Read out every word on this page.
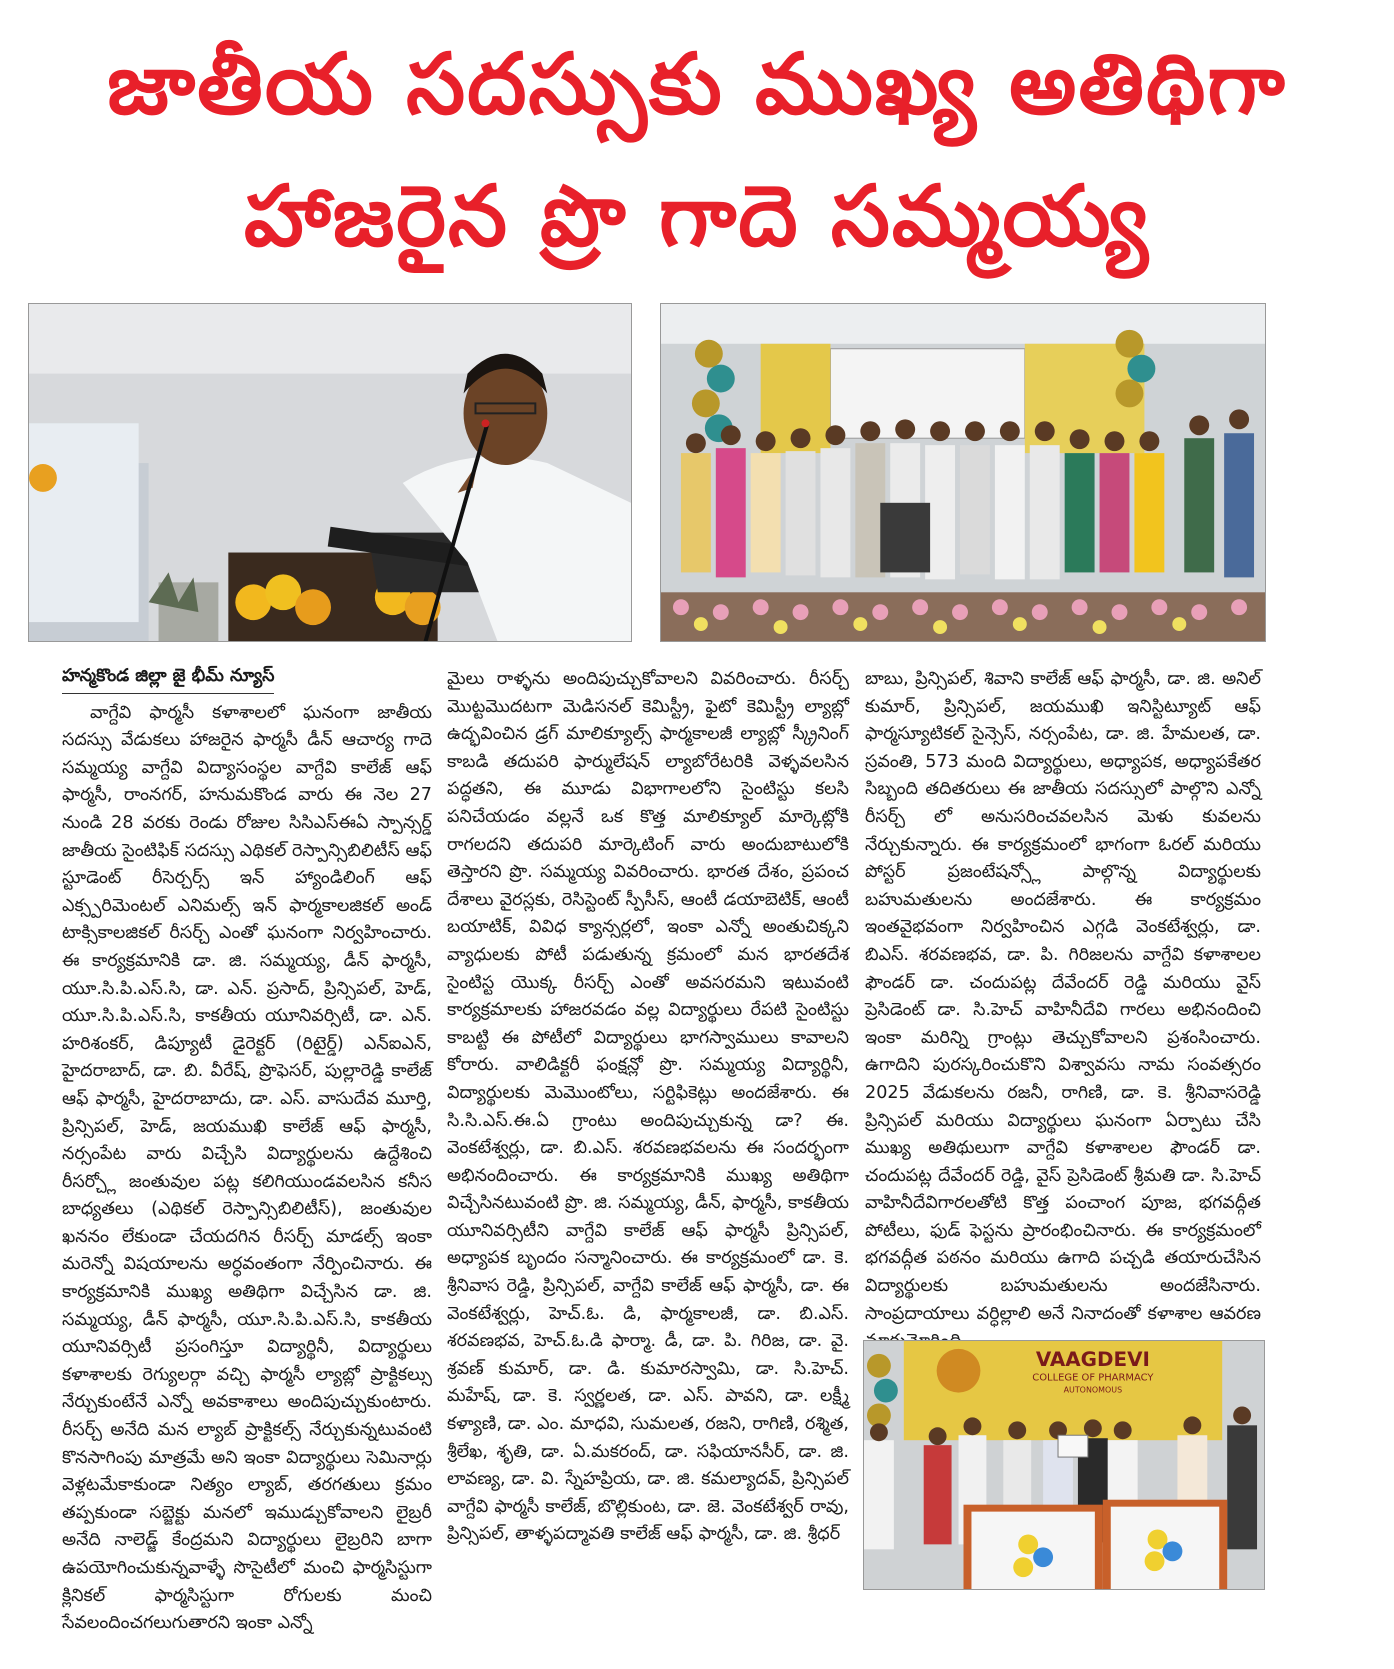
జాతీయ సదస్సుకు ముఖ్య అతిథిగా
హాజరైన ప్రొ గాదె సమ్మయ్య
హన్మకొండ జిల్లా జై భీమ్ న్యూస్

వాగ్దేవి ఫార్మసీ కళాశాలలో ఘనంగా జాతీయ సదస్సు వేడుకలు హాజరైన ఫార్మసీ డీన్ ఆచార్య గాదె సమ్మయ్య వాగ్దేవి విద్యాసంస్థల వాగ్దేవి కాలేజ్ ఆఫ్ ఫార్మసీ, రాంనగర్, హనుమకొండ వారు ఈ నెల 27 నుండి 28 వరకు రెండు రోజుల సిసిఎస్ఈఏ స్పాన్సర్డ్ జాతీయ సైంటిఫిక్ సదస్సు ఎథికల్ రెస్పాన్సిబిలిటీస్ ఆఫ్ స్టూడెంట్ రీసెర్చర్స్ ఇన్ హ్యాండిలింగ్ ఆఫ్ ఎక్స్పరిమెంటల్ ఎనిమల్స్ ఇన్ ఫార్మకాలజికల్ అండ్ టాక్సికాలజికల్ రీసర్చ్ ఎంతో ఘనంగా నిర్వహించారు. ఈ కార్యక్రమానికి డా. జి. సమ్మయ్య, డీన్ ఫార్మసీ, యూ.సి.పి.ఎస్.సి, డా. ఎన్. ప్రసాద్, ప్రిన్సిపల్, హెడ్, యూ.సి.పి.ఎస్.సి, కాకతీయ యూనివర్సిటీ, డా. ఎన్. హరిశంకర్, డిప్యూటీ డైరెక్టర్ (రిటైర్డ్) ఎన్ఐఎన్, హైదరాబాద్, డా. బి. వీరేష్, ప్రొఫెసర్, పుల్లారెడ్డి కాలేజ్ ఆఫ్ ఫార్మసీ, హైదరాబాదు, డా. ఎస్. వాసుదేవ మూర్తి, ప్రిన్సిపల్, హెడ్, జయముఖి కాలేజ్ ఆఫ్ ఫార్మసీ, నర్సంపేట వారు విచ్చేసి విద్యార్థులను ఉద్దేశించి రీసర్చ్లో జంతువుల పట్ల కలిగియుండవలసిన కనీస బాధ్యతలు (ఎథికల్ రెస్పాన్సిబిలిటీస్), జంతువుల ఖననం లేకుండా చేయదగిన రీసర్చ్ మాడల్స్ ఇంకా మరెన్నో విషయాలను అర్ధవంతంగా నేర్పించినారు. ఈ కార్యక్రమానికి ముఖ్య అతిథిగా విచ్చేసిన డా. జి. సమ్మయ్య, డీన్ ఫార్మసీ, యూ.సి.పి.ఎస్.సి, కాకతీయ యూనివర్సిటీ ప్రసంగిస్తూ విద్యార్థినీ, విద్యార్థులు కళాశాలకు రెగ్యులర్గా వచ్చి ఫార్మసీ ల్యాబ్లో ప్రాక్టికల్సు నేర్చుకుంటేనే ఎన్నో అవకాశాలు అందిపుచ్చుకుంటారు. రీసర్చ్ అనేది మన ల్యాబ్ ప్రాక్టికల్స్ నేర్చుకున్నటువంటి కొనసాగింపు మాత్రమే అని ఇంకా విద్యార్థులు సెమినార్లు వెళ్లటమేకాకుండా నిత్యం ల్యాబ్, తరగతులు క్రమం తప్పకుండా సబ్జెక్టు మనలో ఇముడ్చుకోవాలని లైబ్రరీ అనేది నాలెడ్జ్ కేంద్రమని విద్యార్థులు లైబ్రరిని బాగా ఉపయోగించుకున్నవాళ్ళే సొసైటీలో మంచి ఫార్మసిస్టుగా క్లినికల్ ఫార్మసిస్టుగా రోగులకు మంచి సేవలందించగలుగుతారని ఇంకా ఎన్నో

మైలు రాళ్ళను అందిపుచ్చుకోవాలని వివరించారు. రీసర్చ్ మొట్టమొదటగా మెడిసనల్ కెమిస్ట్రీ, ఫైటో కెమిస్ట్రీ ల్యాబ్లో ఉద్భవించిన డ్రగ్ మాలిక్యూల్స్ ఫార్మకాలజీ ల్యాబ్లో స్క్రీనింగ్ కాబడి తదుపరి ఫార్ములేషన్ ల్యాబోరేటరికి వెళ్ళవలసిన పద్ధతని, ఈ మూడు విభాగాలలోని సైంటిస్టు కలసి పనిచేయడం వల్లనే ఒక కొత్త మాలిక్యూల్ మార్కెట్లోకి రాగలదని తదుపరి మార్కెటింగ్ వారు అందుబాటులోకి తెస్తారని ప్రొ. సమ్మయ్య వివరించారు. భారత దేశం, ప్రపంచ దేశాలు వైరస్లకు, రెసిస్టెంట్ స్పీసీస్, ఆంటీ డయాబెటిక్, ఆంటీ బయాటిక్, వివిధ క్యాన్సర్లలో, ఇంకా ఎన్నో అంతుచిక్కని వ్యాధులకు పోటీ పడుతున్న క్రమంలో మన భారతదేశ సైంటిస్ట యొక్క రీసర్చ్ ఎంతో అవసరమని ఇటువంటి కార్యక్రమాలకు హాజరవడం వల్ల విద్యార్థులు రేపటి సైంటిస్టు కాబట్టి ఈ పోటీలో విద్యార్థులు భాగస్వాములు కావాలని కోరారు. వాలిడిక్టరీ ఫంక్షన్లో ప్రొ. సమ్మయ్య విద్యార్థినీ, విద్యార్థులకు మెమొంటోలు, సర్టిఫికెట్లు అందజేశారు. ఈ సి.సి.ఎస్.ఈ.ఏ గ్రాంటు అందిపుచ్చుకున్న డా? ఈ. వెంకటేశ్వర్లు, డా. బి.ఎస్. శరవణభవలను ఈ సందర్భంగా అభినందించారు. ఈ కార్యక్రమానికి ముఖ్య అతిథిగా విచ్చేసినటువంటి ప్రొ. జి. సమ్మయ్య, డీన్, ఫార్మసీ, కాకతీయ యూనివర్సిటీని వాగ్దేవి కాలేజ్ ఆఫ్ ఫార్మసీ ప్రిన్సిపల్, అధ్యాపక బృందం సన్మానించారు. ఈ కార్యక్రమంలో డా. కె. శ్రీనివాస రెడ్డి, ప్రిన్సిపల్, వాగ్దేవి కాలేజ్ ఆఫ్ ఫార్మసీ, డా. ఈ వెంకటేశ్వర్లు, హెచ్.ఓ. డి, ఫార్మకాలజీ, డా. బి.ఎస్. శరవణభవ, హెచ్.ఓ.డి ఫార్మా. డీ, డా. పి. గిరిజ, డా. వై. శ్రవణ్ కుమార్, డా. డి. కుమారస్వామి, డా. సి.హెచ్. మహేష్, డా. కె. స్వర్ణలత, డా. ఎస్. పావని, డా. లక్ష్మీ కళ్యాణి, డా. ఎం. మాధవి, సుమలత, రజని, రాగిణి, రశ్మిత, శ్రీలేఖ, శృతి, డా. ఏ.మకరంద్, డా. సఫియానసీర్, డా. జి. లావణ్య, డా. వి. స్నేహప్రియ, డా. జి. కమల్యాదవ్, ప్రిన్సిపల్ వాగ్దేవి ఫార్మసీ కాలేజ్, బొల్లికుంట, డా. జె. వెంకటేశ్వర్ రావు, ప్రిన్సిపల్, తాళ్ళపద్మావతి కాలేజ్ ఆఫ్ ఫార్మసీ, డా. జి. శ్రీధర్

బాబు, ప్రిన్సిపల్, శివాని కాలేజ్ ఆఫ్ ఫార్మసీ, డా. జి. అనిల్ కుమార్, ప్రిన్సిపల్, జయముఖి ఇనిస్టిట్యూట్ ఆఫ్ ఫార్మస్యూటికల్ సైన్సెస్, నర్సంపేట, డా. జి. హేమలత, డా. స్రవంతి, 573 మంది విద్యార్థులు, అధ్యాపక, అధ్యాపకేతర సిబ్బంది తదితరులు ఈ జాతీయ సదస్సులో పాల్గొని ఎన్నో రీసర్చ్ లో అనుసరించవలసిన మెళు కువలను నేర్చుకున్నారు. ఈ కార్యక్రమంలో భాగంగా ఓరల్ మరియు పోస్టర్ ప్రజంటేషన్స్లో పాల్గొన్న విద్యార్థులకు బహుమతులను అందజేశారు. ఈ కార్యక్రమం ఇంతవైభవంగా నిర్వహించిన ఎగ్గడి వెంకటేశ్వర్లు, డా. బిఎస్. శరవణభవ, డా. పి. గిరిజలను వాగ్దేవి కళాశాలల ఫౌండర్ డా. చందుపట్ల దేవేందర్ రెడ్డి మరియు వైస్ ప్రెసిడెంట్ డా. సి.హెచ్ వాహినీదేవి గారలు అభినందించి ఇంకా మరిన్ని గ్రాంట్లు తెచ్చుకోవాలని ప్రశంసించారు. ఉగాదిని పురస్కరించుకొని విశ్వావసు నామ సంవత్సరం 2025 వేడుకలను రజనీ, రాగిణి, డా. కె. శ్రీనివాసరెడ్డి ప్రిన్సిపల్ మరియు విద్యార్థులు ఘనంగా ఏర్పాటు చేసి ముఖ్య అతిథులుగా వాగ్దేవి కళాశాలల ఫౌండర్ డా. చందుపట్ల దేవేందర్ రెడ్డి, వైస్ ప్రెసిడెంట్ శ్రీమతి డా. సి.హెచ్ వాహినీదేవిగారలతోటి కొత్త పంచాంగ పూజ, భగవద్గీత పోటీలు, ఫుడ్ ఫెస్టను ప్రారంభించినారు. ఈ కార్యక్రమంలో భగవద్గీత పఠనం మరియు ఉగాది పచ్చడి తయారుచేసిన విద్యార్థులకు బహుమతులను అందజేసినారు. సాంప్రదాయాలు వర్ధిల్లాలి అనే నినాదంతో కళాశాల ఆవరణ

VAAGDEVI
COLLEGE OF PHARMACY
AUTONOMOUS
